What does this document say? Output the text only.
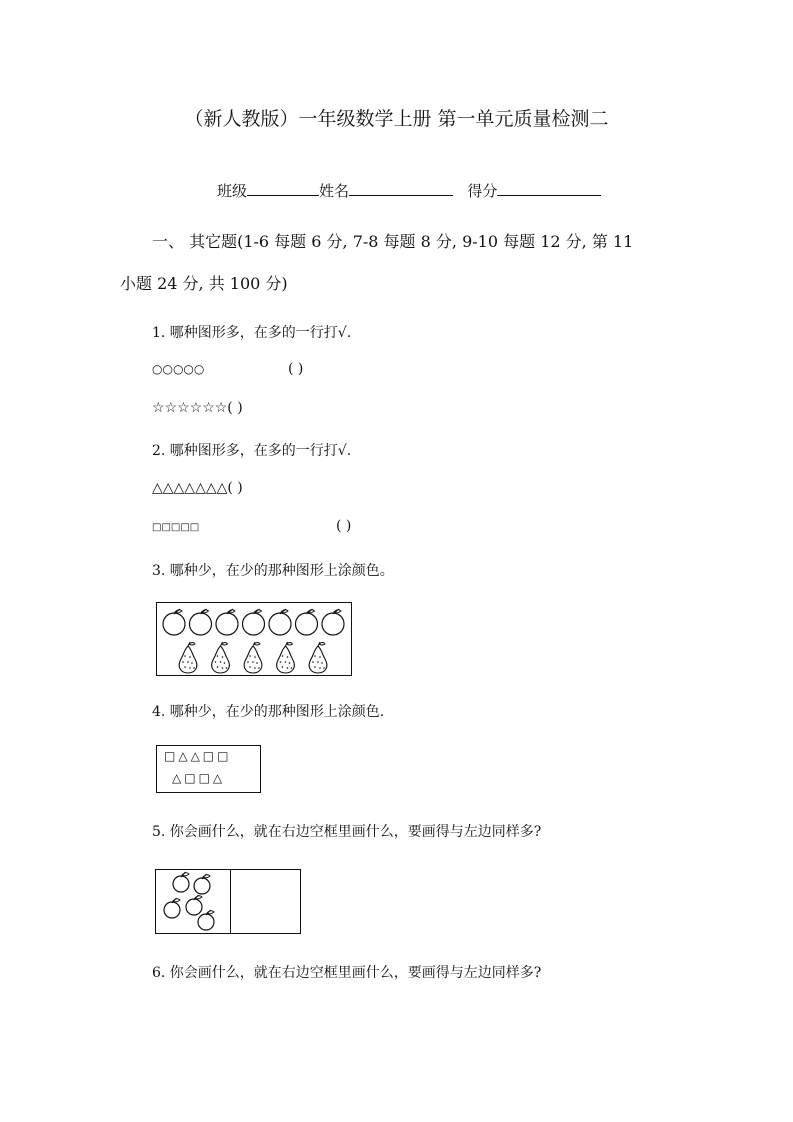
（新人教版）一年级数学上册 第一单元质量检测二
班级	姓名	得分
一、 其它题(1-6 每题 6 分, 7-8 每题 8 分, 9-10 每题 12 分, 第 11
小题 24 分, 共 100 分)
1. 哪种图形多，在多的一行打√.
○○○○○	( )
☆☆☆☆☆☆( )
2. 哪种图形多，在多的一行打√.
△△△△△△△( )
□□□□□	( )
3. 哪种少，在少的那种图形上涂颜色。
4. 哪种少，在少的那种图形上涂颜色.
□△△□□
△□□△
5. 你会画什么，就在右边空框里画什么，要画得与左边同样多?
6. 你会画什么，就在右边空框里画什么，要画得与左边同样多?
